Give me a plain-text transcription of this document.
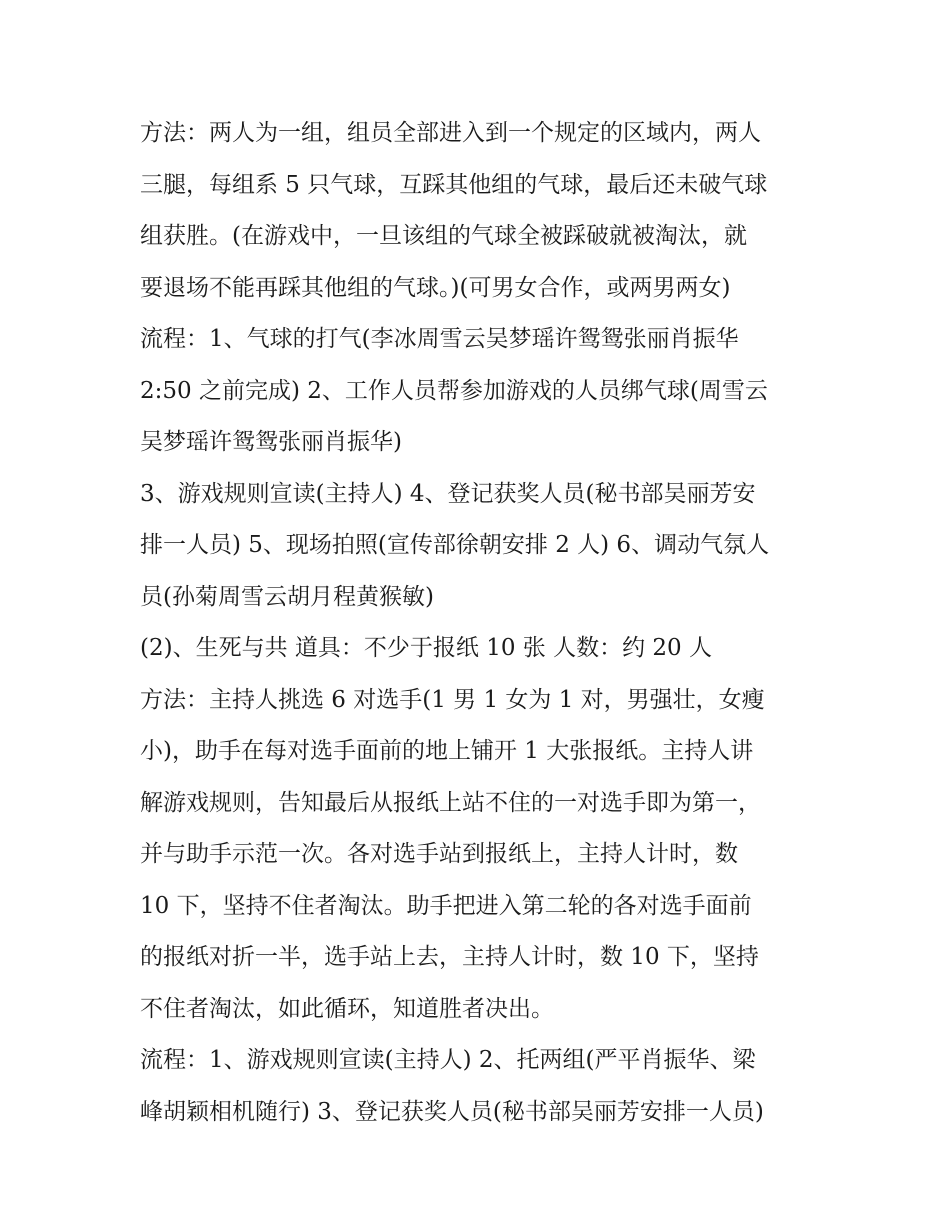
方法：两人为一组，组员全部进入到一个规定的区域内，两人
三腿，每组系 5 只气球，互踩其他组的气球，最后还未破气球
组获胜。(在游戏中，一旦该组的气球全被踩破就被淘汰，就
要退场不能再踩其他组的气球。)(可男女合作，或两男两女)
流程：1、气球的打气(李冰周雪云吴梦瑶许鸳鸳张丽肖振华
2:50 之前完成) 2、工作人员帮参加游戏的人员绑气球(周雪云
吴梦瑶许鸳鸳张丽肖振华)
3、游戏规则宣读(主持人) 4、登记获奖人员(秘书部吴丽芳安
排一人员) 5、现场拍照(宣传部徐朝安排 2 人) 6、调动气氛人
员(孙菊周雪云胡月程黄猴敏)
(2)、生死与共 道具：不少于报纸 10 张 人数：约 20 人
方法：主持人挑选 6 对选手(1 男 1 女为 1 对，男强壮，女瘦
小)，助手在每对选手面前的地上铺开 1 大张报纸。主持人讲
解游戏规则，告知最后从报纸上站不住的一对选手即为第一，
并与助手示范一次。各对选手站到报纸上，主持人计时，数
10 下，坚持不住者淘汰。助手把进入第二轮的各对选手面前
的报纸对折一半，选手站上去，主持人计时，数 10 下，坚持
不住者淘汰，如此循环，知道胜者决出。
流程：1、游戏规则宣读(主持人) 2、托两组(严平肖振华、梁
峰胡颖相机随行) 3、登记获奖人员(秘书部吴丽芳安排一人员)
